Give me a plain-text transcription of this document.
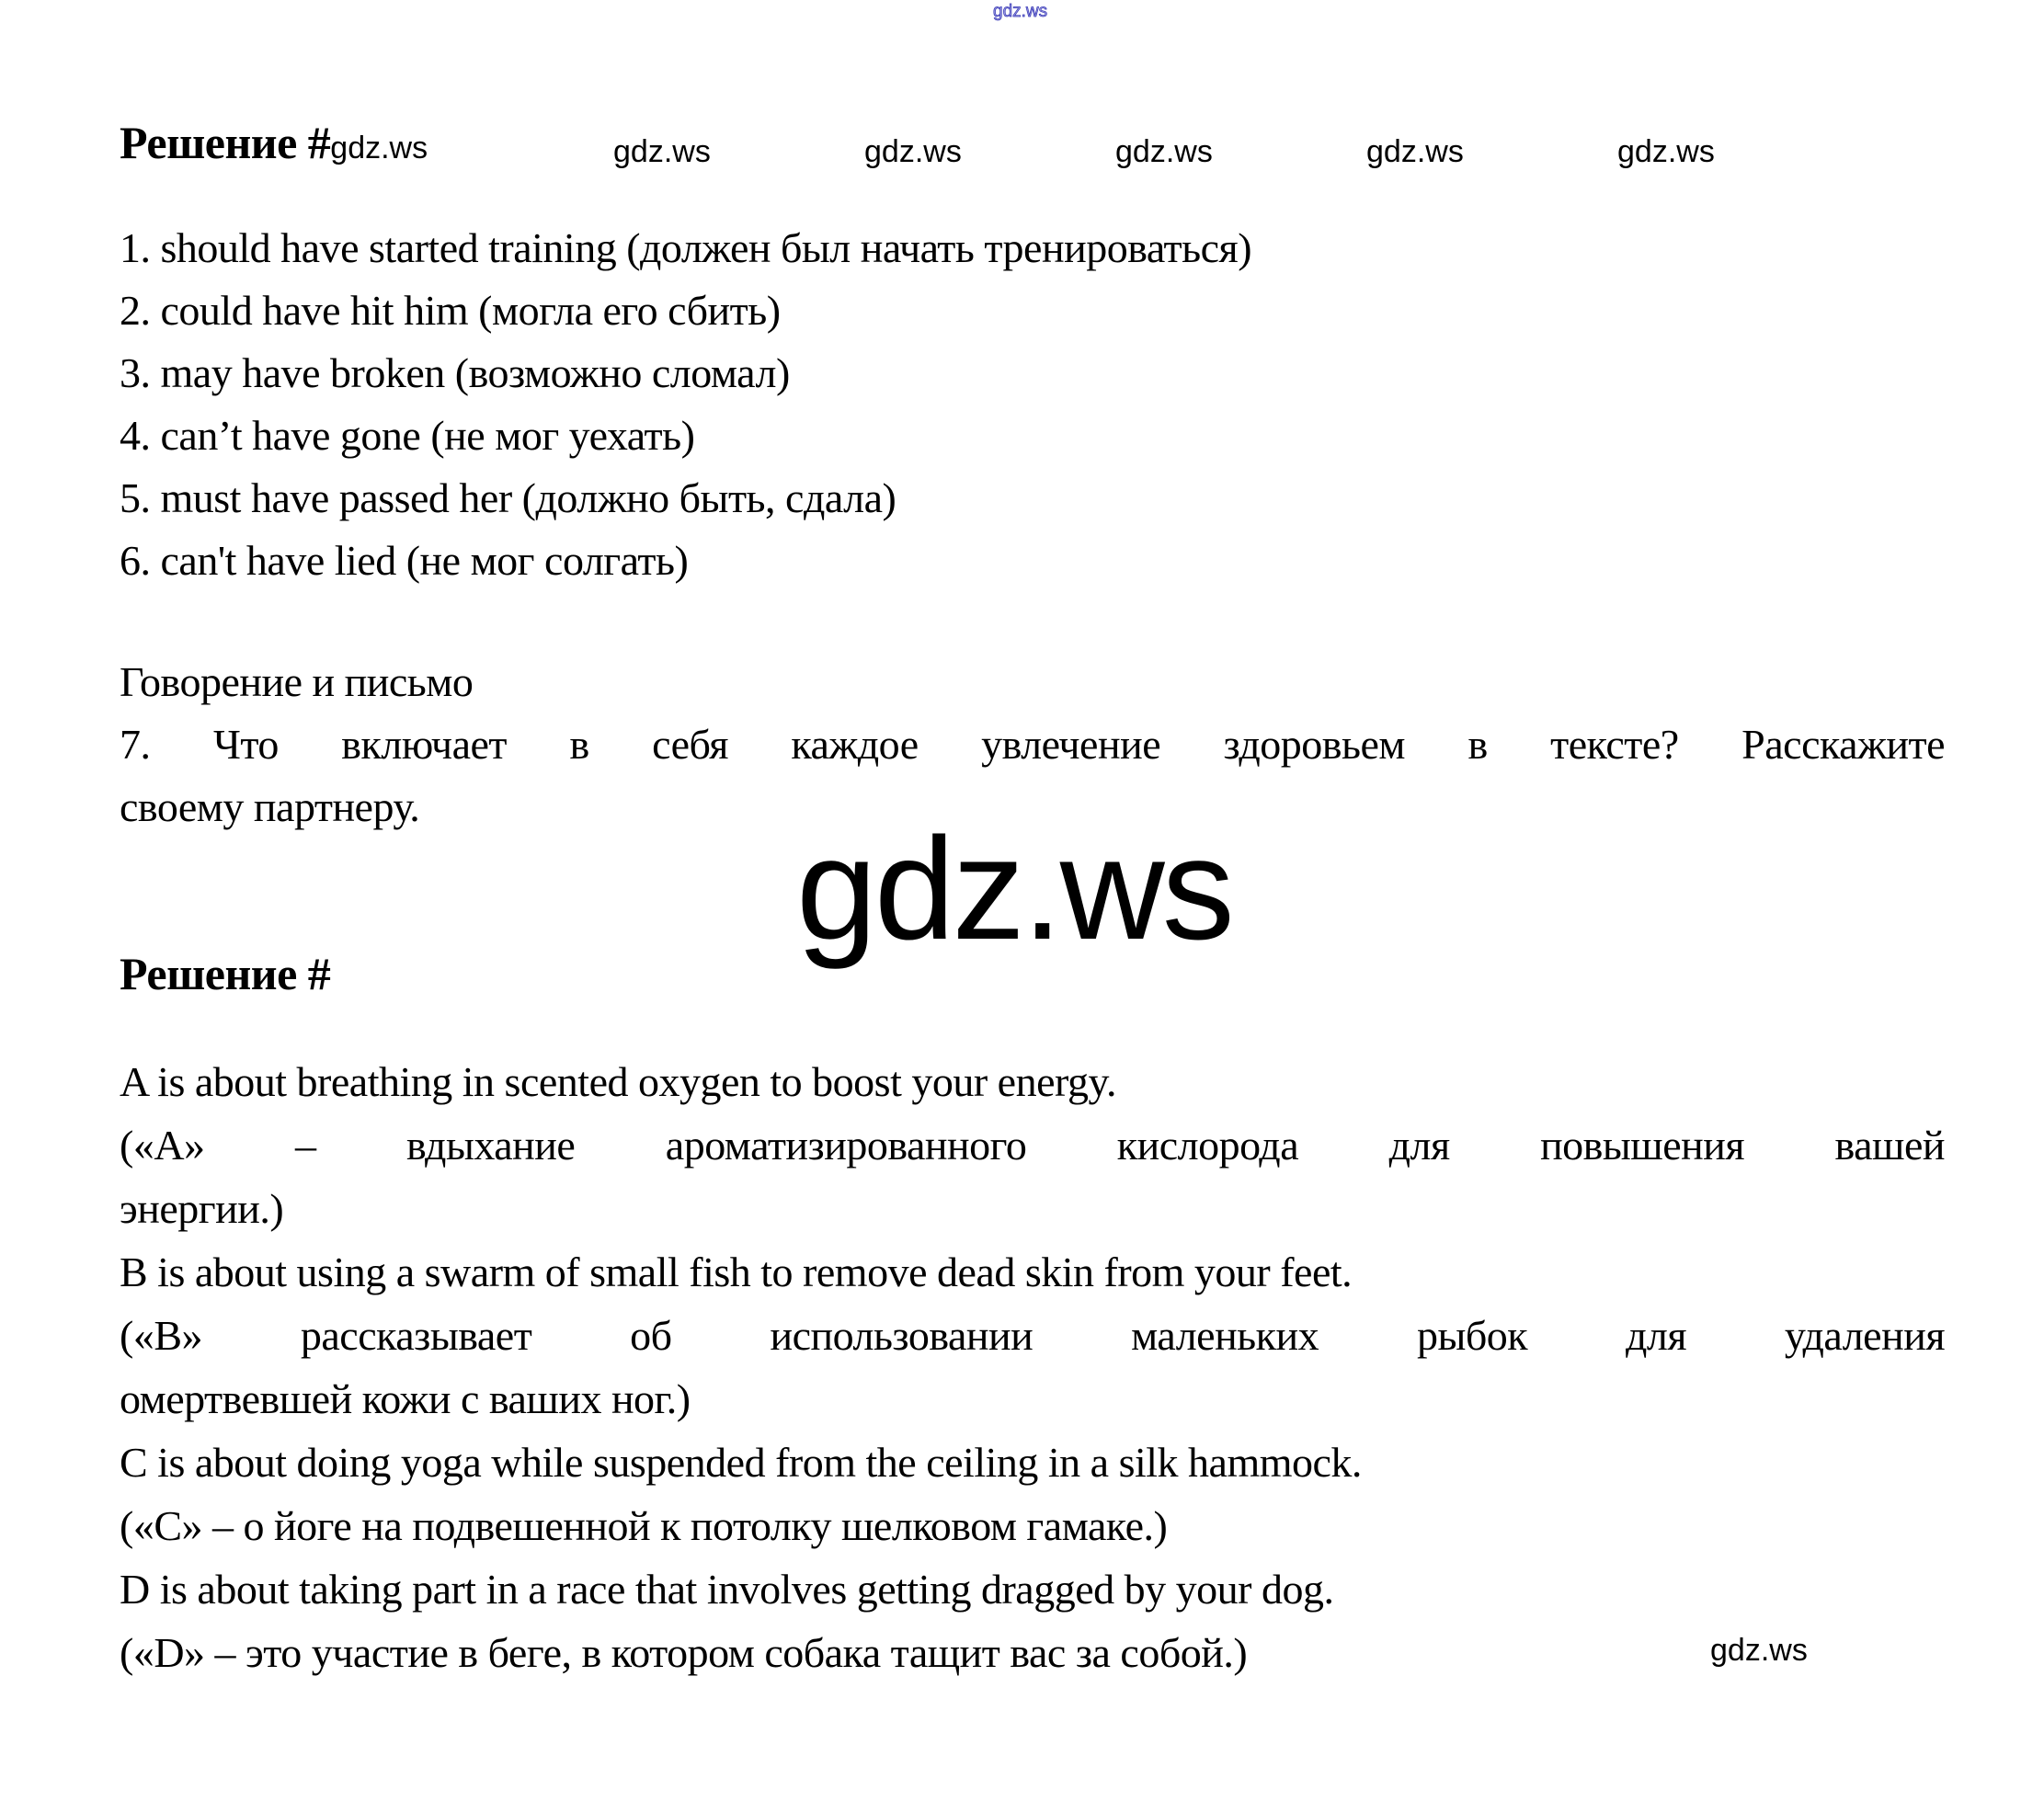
gdz.ws
Решение #gdz.ws	gdz.ws	gdz.ws	gdz.ws	gdz.ws	gdz.ws

1. should have started training (должен был начать тренироваться)

2. could have hit him (могла его сбить)

3. may have broken (возможно сломал)

4. can’t have gone (не мог уехать)

5. must have passed her (должно быть, сдала)

6. can't have lied (не мог солгать)

Говорение и письмо

7. Что включает в себя каждое увлечение здоровьем в тексте? Расскажите

своему партнеру.

gdz.ws
Решение #

A is about breathing in scented oxygen to boost your energy.

(«А» – вдыхание ароматизированного кислорода для повышения вашей

энергии.)

B is about using a swarm of small fish to remove dead skin from your feet.

(«В» рассказывает об использовании маленьких рыбок для удаления

омертвевшей кожи с ваших ног.)

C is about doing yoga while suspended from the ceiling in a silk hammock.

(«С» – о йоге на подвешенной к потолку шелковом гамаке.)

D is about taking part in a race that involves getting dragged by your dog.

(«D» – это участие в беге, в котором собака тащит вас за собой.)	gdz.ws
